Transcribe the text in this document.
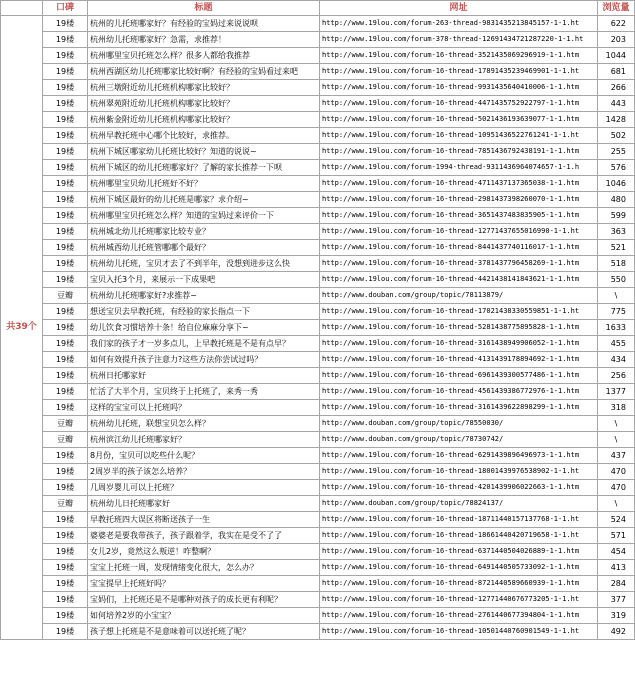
	口碑	标题	网址	浏览量
共39个	19楼	杭州的儿托班哪家好？有经验的宝妈过来说说呗	http://www.19lou.com/forum-263-thread-9831435213845157-1-1.ht	622
	19楼	杭州幼儿托班哪家好？急需，求推荐！	http://www.19lou.com/forum-378-thread-12691434721287220-1-1.ht	203
	19楼	杭州哪里宝贝托班怎么样？很多人都给我推荐	http://www.19lou.com/forum-16-thread-3521435069296919-1-1.htm	1044
	19楼	杭州西湖区幼儿托班哪家比较好啊？有经验的宝妈看过来吧	http://www.19lou.com/forum-16-thread-17891435239469901-1-1.ht	681
	19楼	杭州三墩附近幼儿托班机构哪家比较好？	http://www.19lou.com/forum-16-thread-9931435640410006-1-1.htm	266
	19楼	杭州翠苑附近幼儿托班机构哪家比较好？	http://www.19lou.com/forum-16-thread-4471435752922797-1-1.htm	443
	19楼	杭州紫金附近幼儿托班机构哪家比较好？	http://www.19lou.com/forum-16-thread-5021436193639077-1-1.htm	1428
	19楼	杭州早教托班中心哪个比较好，求推荐。	http://www.19lou.com/forum-16-thread-10951436522761241-1-1.ht	502
	19楼	杭州下城区哪家幼儿托班比较好？知道的说说~	http://www.19lou.com/forum-16-thread-7851436792438191-1-1.htm	255
	19楼	杭州下城区的幼儿托班哪家好？了解的家长推荐一下呗	http://www.19lou.com/forum-1994-thread-9311436964074657-1-1.h	576
	19楼	杭州哪里宝贝幼儿托班好不好？	http://www.19lou.com/forum-16-thread-4711437137365038-1-1.htm	1046
	19楼	杭州下城区最好的幼儿托班是哪家？求介绍~	http://www.19lou.com/forum-16-thread-2981437398260070-1-1.htm	480
	19楼	杭州哪里宝贝托班怎么样？知道的宝妈过来评价一下	http://www.19lou.com/forum-16-thread-3651437483835905-1-1.htm	599
	19楼	杭州城北幼儿托班哪家比较专业？	http://www.19lou.com/forum-16-thread-12771437655016990-1-1.ht	363
	19楼	杭州城西幼儿托班管哪哪个最好？	http://www.19lou.com/forum-16-thread-8441437740116017-1-1.htm	521
	19楼	杭州幼儿托班，宝贝才去了不到半年，没想到进步这么快	http://www.19lou.com/forum-16-thread-3781437796458269-1-1.htm	518
	19楼	宝贝入托3个月，来展示一下成果吧	http://www.19lou.com/forum-16-thread-4421438141843621-1-1.htm	550
	豆瓣	杭州幼儿托班哪家好?求推荐~	http://www.douban.com/group/topic/78113879/	\
	19楼	想送宝贝去早教托班，有经验的家长指点一下	http://www.19lou.com/forum-16-thread-17021438330559851-1-1.ht	775
	19楼	幼儿饮食习惯培养十条！给自位麻麻分享下~	http://www.19lou.com/forum-16-thread-5281438775895828-1-1.htm	1633
	19楼	我们家的孩子才一岁多点儿，上早教托班是不是有点早？	http://www.19lou.com/forum-16-thread-3161438949906052-1-1.htm	455
	19楼	如何有效提升孩子注意力?这些方法你尝试过吗？	http://www.19lou.com/forum-16-thread-4131439178894692-1-1.htm	434
	19楼	杭州日托哪家好	http://www.19lou.com/forum-16-thread-6961439300577486-1-1.htm	256
	19楼	忙活了大半个月，宝贝终于上托班了，来秀一秀	http://www.19lou.com/forum-16-thread-4561439386772976-1-1.htm	1377
	19楼	这样的宝宝可以上托班吗？	http://www.19lou.com/forum-16-thread-3161439622898299-1-1.htm	318
	豆瓣	杭州幼儿托班，联想宝贝怎么样？	http://www.douban.com/group/topic/78550030/	\
	豆瓣	杭州滨江幼儿托班哪家好？	http://www.douban.com/group/topic/78730742/	\
	19楼	8月份，宝贝可以吃些什么呢？	http://www.19lou.com/forum-16-thread-6291439896496973-1-1.htm	437
	19楼	2周岁半的孩子该怎么培养？	http://www.19lou.com/forum-16-thread-18001439976538902-1-1.ht	470
	19楼	几周岁婴儿可以上托班？	http://www.19lou.com/forum-16-thread-4201439906022663-1-1.htm	470
	豆瓣	杭州幼儿日托班哪家好	http://www.douban.com/group/topic/78824137/	\
	19楼	早教托班四大误区将断送孩子一生	http://www.19lou.com/forum-16-thread-18711440157137768-1-1.ht	524
	19楼	婆婆老是要我带孩子，孩子跟着学，我实在是受不了了	http://www.19lou.com/forum-16-thread-18661440420719658-1-1.ht	571
	19楼	女儿2岁，竟然这么叛逆！咋整啊？	http://www.19lou.com/forum-16-thread-6371440504026889-1-1.htm	454
	19楼	宝宝上托班一周，发现情绪变化很大，怎么办？	http://www.19lou.com/forum-16-thread-6491440505733092-1-1.htm	413
	19楼	宝宝提早上托班好吗？	http://www.19lou.com/forum-16-thread-8721440589660939-1-1.htm	284
	19楼	宝妈们，上托班还是不是哪种对孩子的成长更有利呢？	http://www.19lou.com/forum-16-thread-12771440676773205-1-1.ht	377
	19楼	如何培养2岁的小宝宝？	http://www.19lou.com/forum-16-thread-2761440677394804-1-1.htm	319
	19楼	孩子想上托班是不是意味着可以送托班了呢？	http://www.19lou.com/forum-16-thread-10501440760901549-1-1.ht	492
